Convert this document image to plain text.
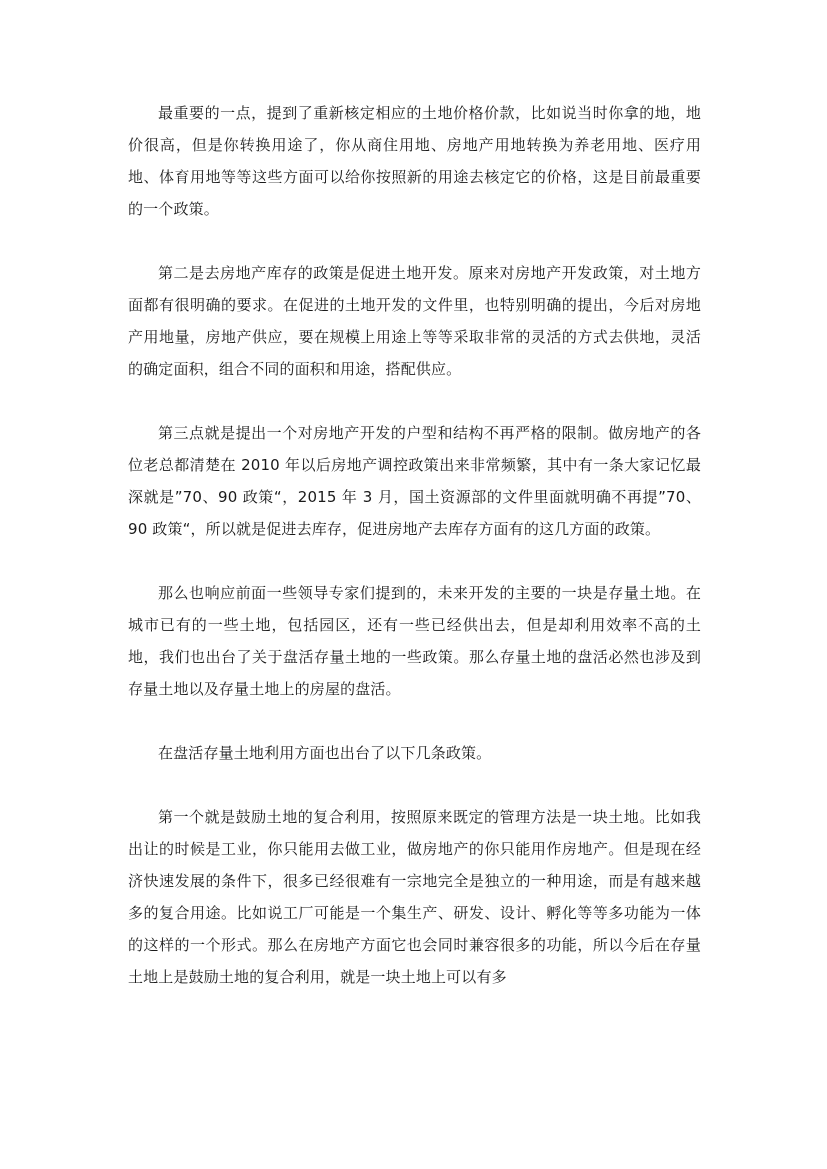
最重要的一点，提到了重新核定相应的土地价格价款，比如说当时你拿的地，地价很高，但是你转换用途了，你从商住用地、房地产用地转换为养老用地、医疗用地、体育用地等等这些方面可以给你按照新的用途去核定它的价格，这是目前最重要的一个政策。

第二是去房地产库存的政策是促进土地开发。原来对房地产开发政策，对土地方面都有很明确的要求。在促进的土地开发的文件里，也特别明确的提出，今后对房地产用地量，房地产供应，要在规模上用途上等等采取非常的灵活的方式去供地，灵活的确定面积，组合不同的面积和用途，搭配供应。

第三点就是提出一个对房地产开发的户型和结构不再严格的限制。做房地产的各位老总都清楚在 2010 年以后房地产调控政策出来非常频繁，其中有一条大家记忆最深就是”70、90 政策“，2015 年 3 月，国土资源部的文件里面就明确不再提”70、90 政策“，所以就是促进去库存，促进房地产去库存方面有的这几方面的政策。

那么也响应前面一些领导专家们提到的，未来开发的主要的一块是存量土地。在城市已有的一些土地，包括园区，还有一些已经供出去，但是却利用效率不高的土地，我们也出台了关于盘活存量土地的一些政策。那么存量土地的盘活必然也涉及到存量土地以及存量土地上的房屋的盘活。

在盘活存量土地利用方面也出台了以下几条政策。

第一个就是鼓励土地的复合利用，按照原来既定的管理方法是一块土地。比如我出让的时候是工业，你只能用去做工业，做房地产的你只能用作房地产。但是现在经济快速发展的条件下，很多已经很难有一宗地完全是独立的一种用途，而是有越来越多的复合用途。比如说工厂可能是一个集生产、研发、设计、孵化等等多功能为一体的这样的一个形式。那么在房地产方面它也会同时兼容很多的功能，所以今后在存量土地上是鼓励土地的复合利用，就是一块土地上可以有多
